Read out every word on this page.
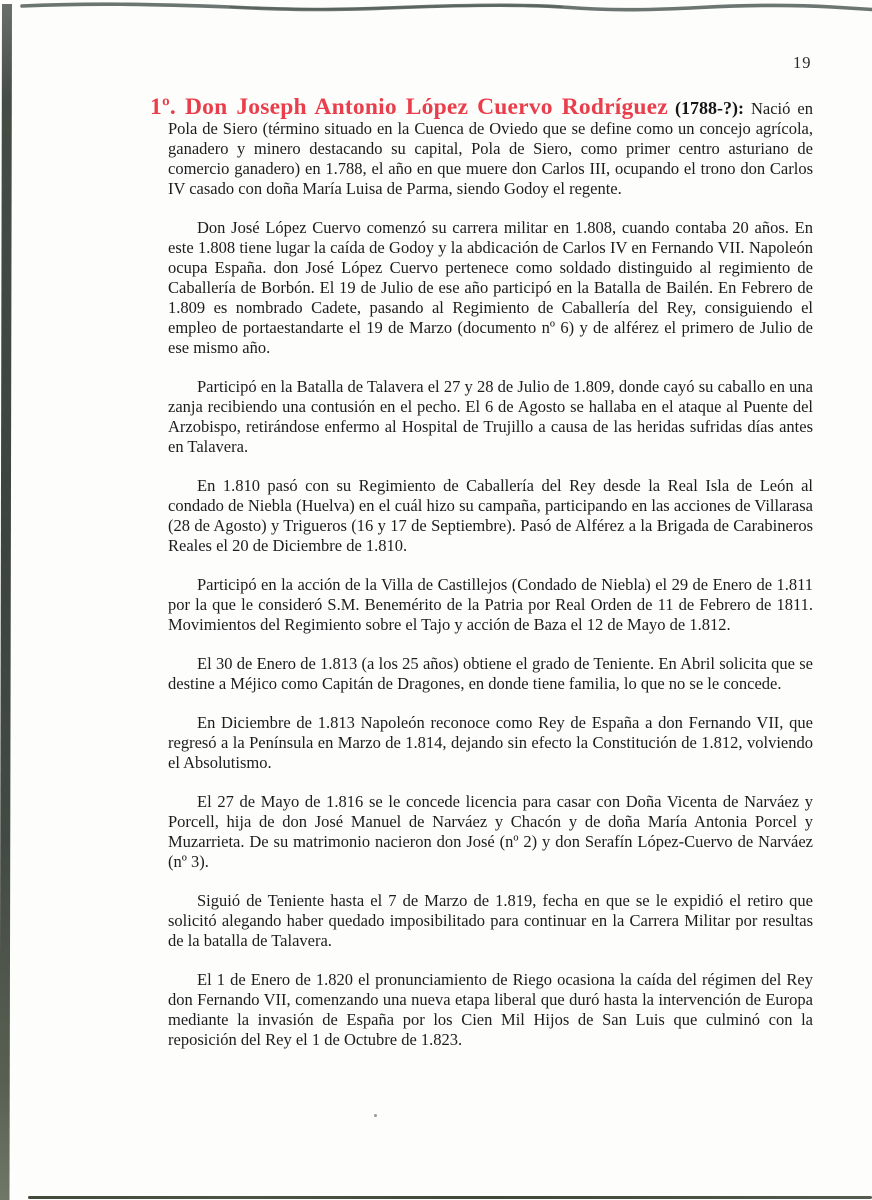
19

1º. Don Joseph Antonio López Cuervo Rodríguez (1788-?): Nació en Pola de Siero (término situado en la Cuenca de Oviedo que se define como un concejo agrícola, ganadero y minero destacando su capital, Pola de Siero, como primer centro asturiano de comercio ganadero) en 1.788, el año en que muere don Carlos III, ocupando el trono don Carlos IV casado con doña María Luisa de Parma, siendo Godoy el regente.

Don José López Cuervo comenzó su carrera militar en 1.808, cuando contaba 20 años. En este 1.808 tiene lugar la caída de Godoy y la abdicación de Carlos IV en Fernando VII. Napoleón ocupa España. don José López Cuervo pertenece como soldado distinguido al regimiento de Caballería de Borbón. El 19 de Julio de ese año participó en la Batalla de Bailén. En Febrero de 1.809 es nombrado Cadete, pasando al Regimiento de Caballería del Rey, consiguiendo el empleo de portaestandarte el 19 de Marzo (documento nº 6) y de alférez el primero de Julio de ese mismo año.

Participó en la Batalla de Talavera el 27 y 28 de Julio de 1.809, donde cayó su caballo en una zanja recibiendo una contusión en el pecho. El 6 de Agosto se hallaba en el ataque al Puente del Arzobispo, retirándose enfermo al Hospital de Trujillo a causa de las heridas sufridas días antes en Talavera.

En 1.810 pasó con su Regimiento de Caballería del Rey desde la Real Isla de León al condado de Niebla (Huelva) en el cuál hizo su campaña, participando en las acciones de Villarasa (28 de Agosto) y Trigueros (16 y 17 de Septiembre). Pasó de Alférez a la Brigada de Carabineros Reales el 20 de Diciembre de 1.810.

Participó en la acción de la Villa de Castillejos (Condado de Niebla) el 29 de Enero de 1.811 por la que le consideró S.M. Benemérito de la Patria por Real Orden de 11 de Febrero de 1811. Movimientos del Regimiento sobre el Tajo y acción de Baza el 12 de Mayo de 1.812.

El 30 de Enero de 1.813 (a los 25 años) obtiene el grado de Teniente. En Abril solicita que se destine a Méjico como Capitán de Dragones, en donde tiene familia, lo que no se le concede.

En Diciembre de 1.813 Napoleón reconoce como Rey de España a don Fernando VII, que regresó a la Península en Marzo de 1.814, dejando sin efecto la Constitución de 1.812, volviendo el Absolutismo.

El 27 de Mayo de 1.816 se le concede licencia para casar con Doña Vicenta de Narváez y Porcell, hija de don José Manuel de Narváez y Chacón y de doña María Antonia Porcel y Muzarrieta. De su matrimonio nacieron don José (nº 2) y don Serafín López-Cuervo de Narváez (nº 3).

Siguió de Teniente hasta el 7 de Marzo de 1.819, fecha en que se le expidió el retiro que solicitó alegando haber quedado imposibilitado para continuar en la Carrera Militar por resultas de la batalla de Talavera.

El 1 de Enero de 1.820 el pronunciamiento de Riego ocasiona la caída del régimen del Rey don Fernando VII, comenzando una nueva etapa liberal que duró hasta la intervención de Europa mediante la invasión de España por los Cien Mil Hijos de San Luis que culminó con la reposición del Rey el 1 de Octubre de 1.823.
